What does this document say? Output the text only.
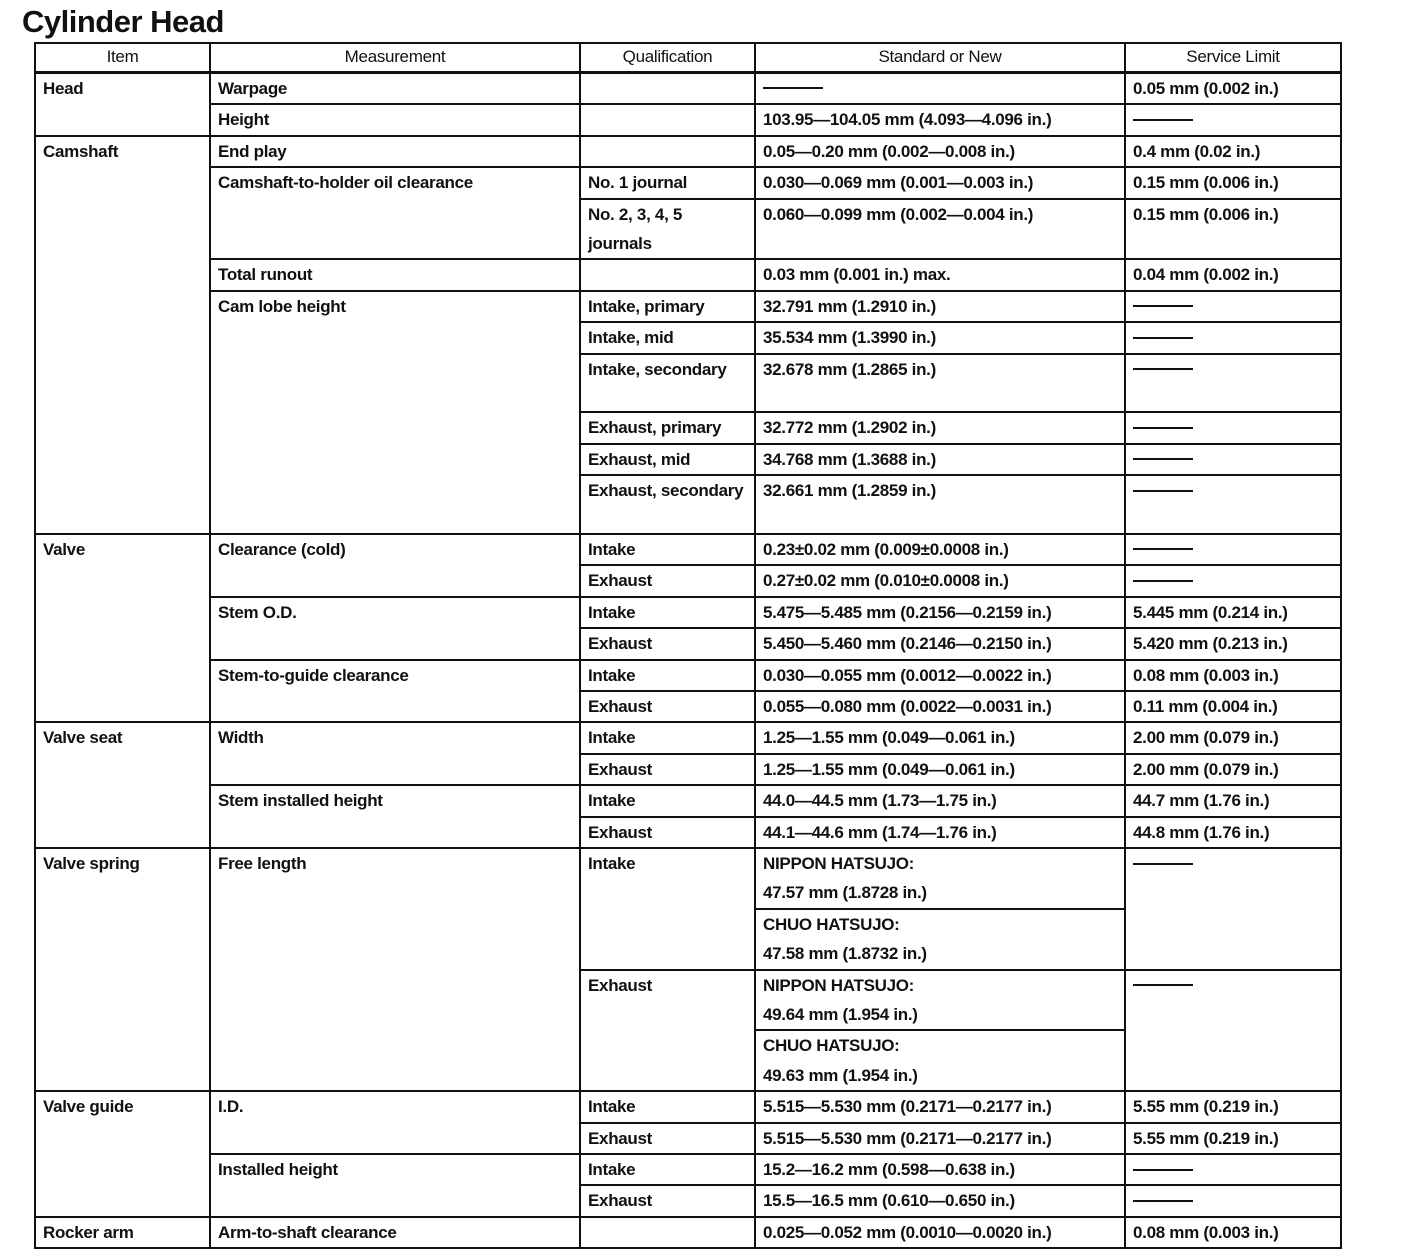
Cylinder Head
Item	Measurement	Qualification	Standard or New	Service Limit
Head	Warpage			0.05 mm (0.002 in.)
	Height		103.95—104.05 mm (4.093—4.096 in.)	
Camshaft	End play		0.05—0.20 mm (0.002—0.008 in.)	0.4 mm (0.02 in.)
	Camshaft-to-holder oil clearance	No. 1 journal	0.030—0.069 mm (0.001—0.003 in.)	0.15 mm (0.006 in.)
		No. 2, 3, 4, 5 journals	0.060—0.099 mm (0.002—0.004 in.)	0.15 mm (0.006 in.)

	Total runout		0.03 mm (0.001 in.) max.	0.04 mm (0.002 in.)
	Cam lobe height	Intake, primary	32.791 mm (1.2910 in.)	
		Intake, mid	35.534 mm (1.3990 in.)	
		Intake, secondary	32.678 mm (1.2865 in.)	

		Exhaust, primary	32.772 mm (1.2902 in.)	
		Exhaust, mid	34.768 mm (1.3688 in.)	
		Exhaust, secondary	32.661 mm (1.2859 in.)	

Valve	Clearance (cold)	Intake	0.23±0.02 mm (0.009±0.0008 in.)	
		Exhaust	0.27±0.02 mm (0.010±0.0008 in.)	
	Stem O.D.	Intake	5.475—5.485 mm (0.2156—0.2159 in.)	5.445 mm (0.214 in.)
		Exhaust	5.450—5.460 mm (0.2146—0.2150 in.)	5.420 mm (0.213 in.)
	Stem-to-guide clearance	Intake	0.030—0.055 mm (0.0012—0.0022 in.)	0.08 mm (0.003 in.)
		Exhaust	0.055—0.080 mm (0.0022—0.0031 in.)	0.11 mm (0.004 in.)
Valve seat	Width	Intake	1.25—1.55 mm (0.049—0.061 in.)	2.00 mm (0.079 in.)
		Exhaust	1.25—1.55 mm (0.049—0.061 in.)	2.00 mm (0.079 in.)
	Stem installed height	Intake	44.0—44.5 mm (1.73—1.75 in.)	44.7 mm (1.76 in.)
		Exhaust	44.1—44.6 mm (1.74—1.76 in.)	44.8 mm (1.76 in.)
Valve spring	Free length	Intake	NIPPON HATSUJO:
47.57 mm (1.8728 in.)	

			CHUO HATSUJO:
47.58 mm (1.8732 in.)	

		Exhaust	NIPPON HATSUJO:
49.64 mm (1.954 in.)	

			CHUO HATSUJO:
49.63 mm (1.954 in.)	

Valve guide	I.D.	Intake	5.515—5.530 mm (0.2171—0.2177 in.)	5.55 mm (0.219 in.)
		Exhaust	5.515—5.530 mm (0.2171—0.2177 in.)	5.55 mm (0.219 in.)
	Installed height	Intake	15.2—16.2 mm (0.598—0.638 in.)	
		Exhaust	15.5—16.5 mm (0.610—0.650 in.)	
Rocker arm	Arm-to-shaft clearance		0.025—0.052 mm (0.0010—0.0020 in.)	0.08 mm (0.003 in.)
